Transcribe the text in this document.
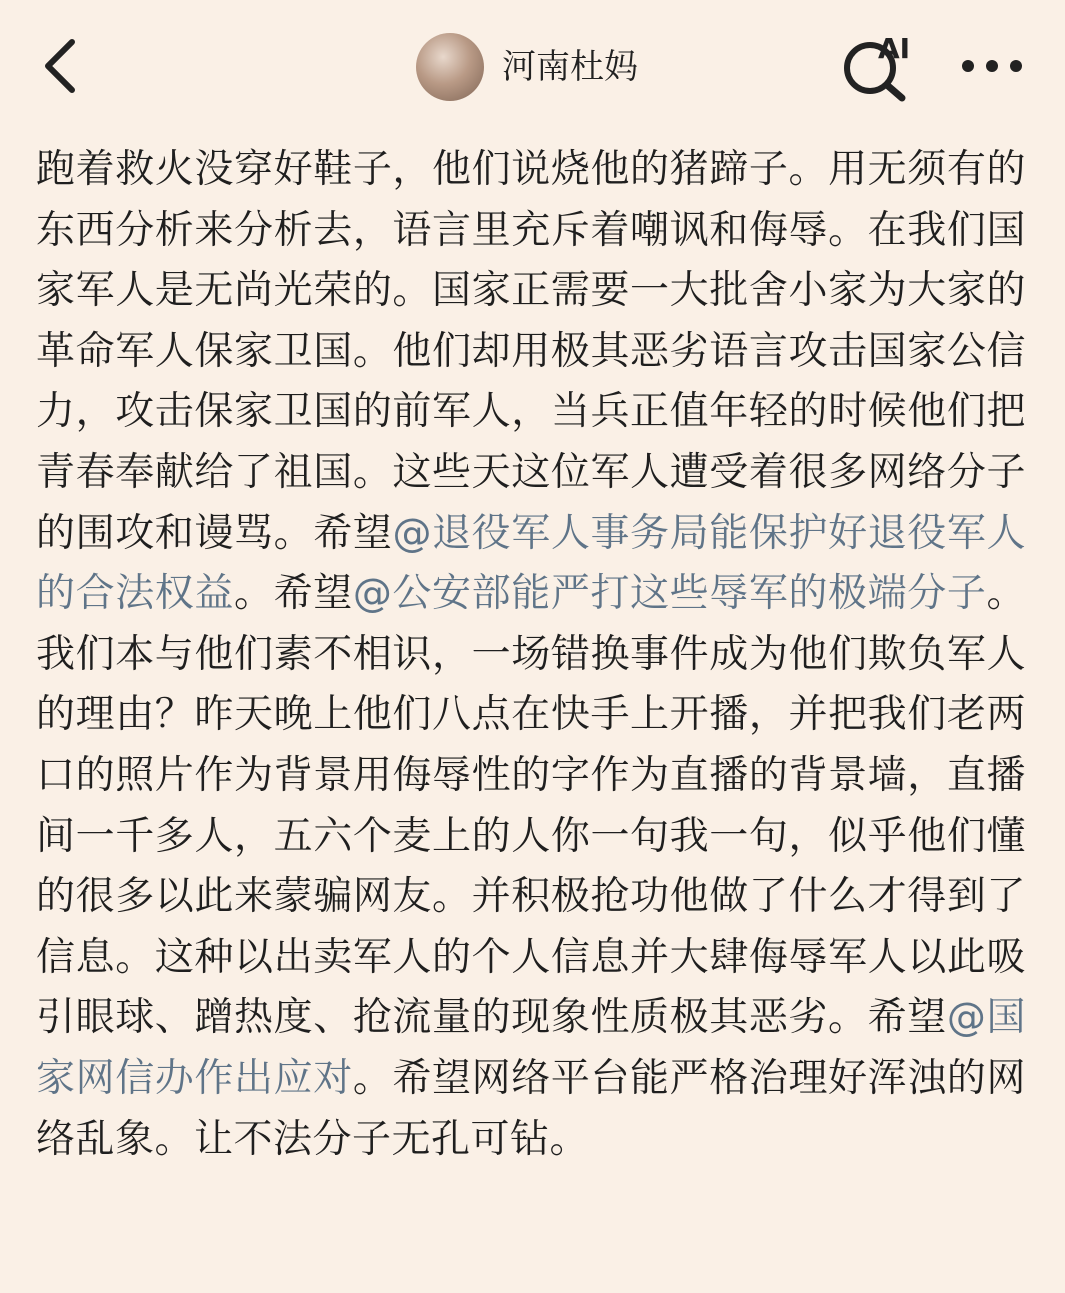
河南杜妈	AI

跑着救火没穿好鞋子，他们说烧他的猪蹄子。用无须有的东西分析来分析去，语言里充斥着嘲讽和侮辱。在我们国家军人是无尚光荣的。国家正需要一大批舍小家为大家的革命军人保家卫国。他们却用极其恶劣语言攻击国家公信力，攻击保家卫国的前军人，当兵正值年轻的时候他们把青春奉献给了祖国。这些天这位军人遭受着很多网络分子的围攻和谩骂。希望@退役军人事务局能保护好退役军人的合法权益。希望@公安部能严打这些辱军的极端分子。我们本与他们素不相识，一场错换事件成为他们欺负军人的理由？昨天晚上他们八点在快手上开播，并把我们老两口的照片作为背景用侮辱性的字作为直播的背景墙，直播间一千多人，五六个麦上的人你一句我一句，似乎他们懂的很多以此来蒙骗网友。并积极抢功他做了什么才得到了信息。这种以出卖军人的个人信息并大肆侮辱军人以此吸引眼球、蹭热度、抢流量的现象性质极其恶劣。希望@国家网信办作出应对。希望网络平台能严格治理好浑浊的网络乱象。让不法分子无孔可钻。
